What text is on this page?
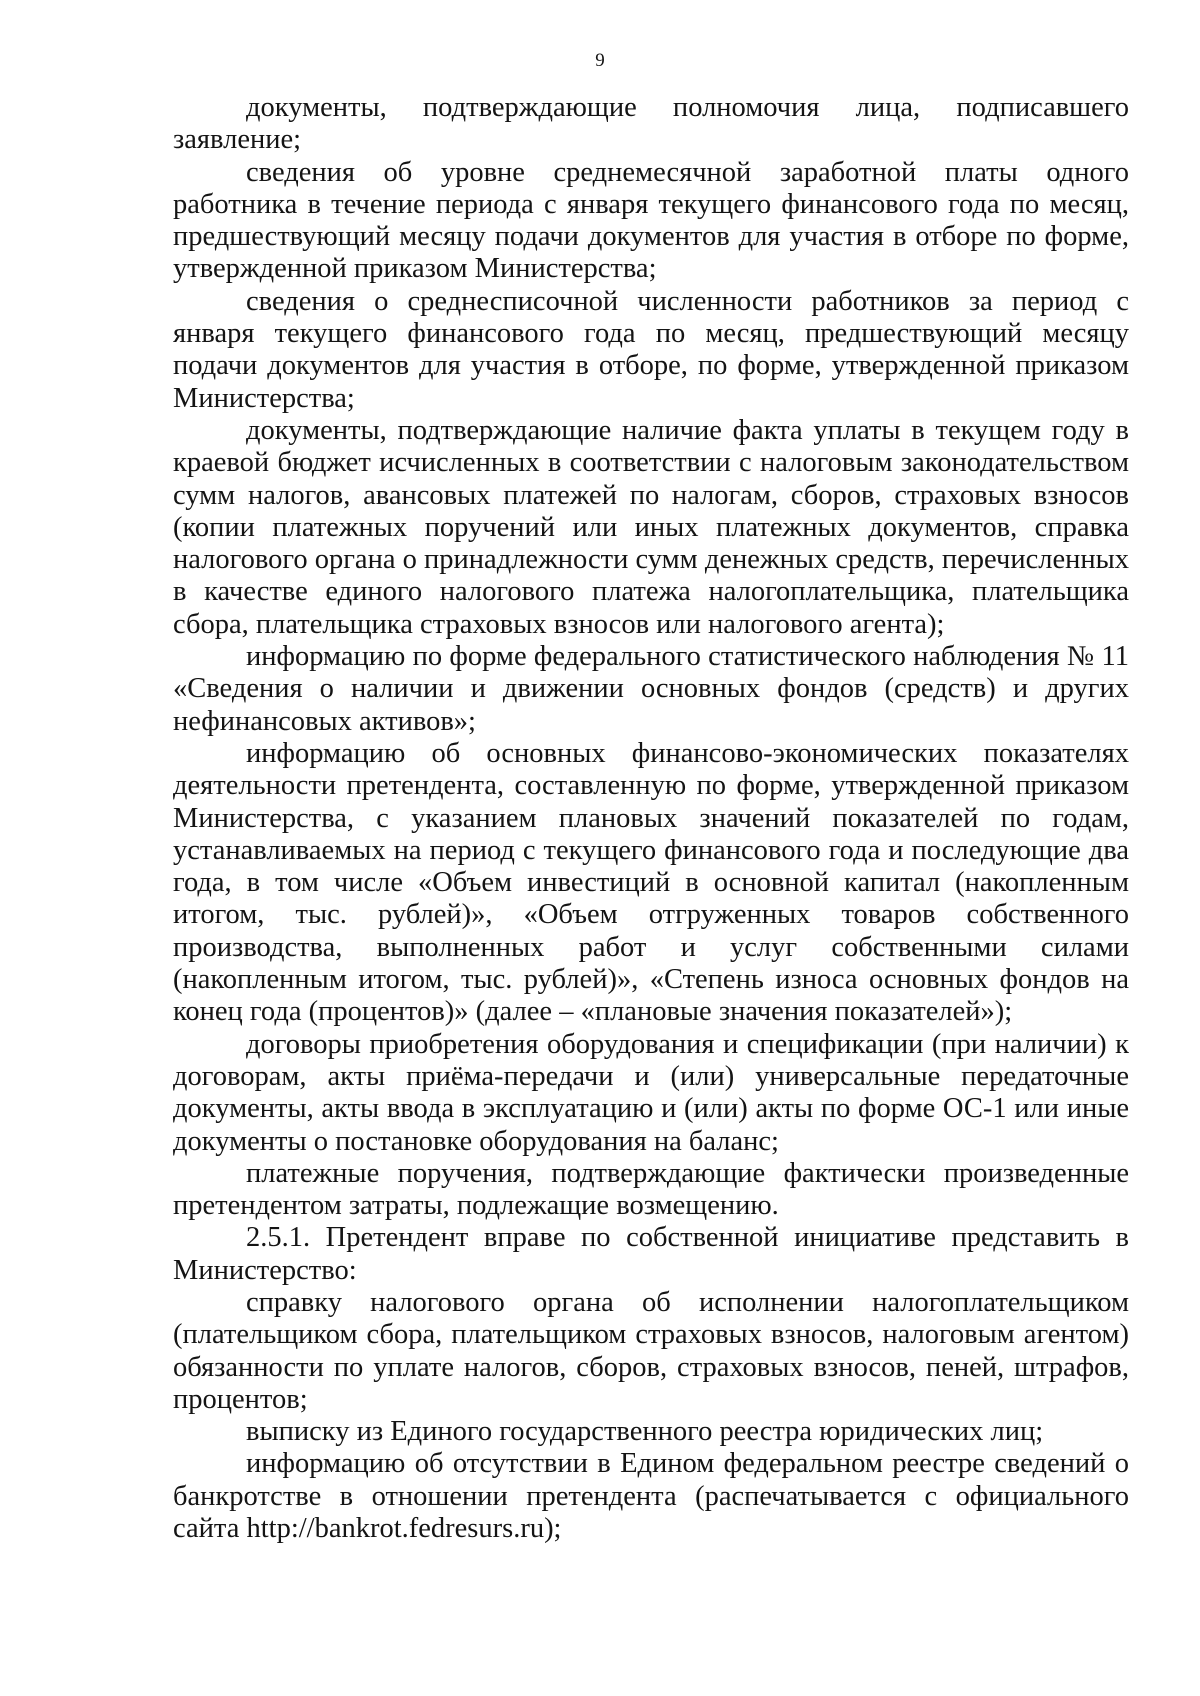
9

документы, подтверждающие полномочия лица, подписавшего заявление;

сведения об уровне среднемесячной заработной платы одного работника в течение периода с января текущего финансового года по месяц, предшествующий месяцу подачи документов для участия в отборе по форме, утвержденной приказом Министерства;

сведения о среднесписочной численности работников за период с января текущего финансового года по месяц, предшествующий месяцу подачи документов для участия в отборе, по форме, утвержденной приказом Министерства;

документы, подтверждающие наличие факта уплаты в текущем году в краевой бюджет исчисленных в соответствии с налоговым законодательством сумм налогов, авансовых платежей по налогам, сборов, страховых взносов (копии платежных поручений или иных платежных документов, справка налогового органа о принадлежности сумм денежных средств, перечисленных в качестве единого налогового платежа налогоплательщика, плательщика сбора, плательщика страховых взносов или налогового агента);

информацию по форме федерального статистического наблюдения № 11 «Сведения о наличии и движении основных фондов (средств) и других нефинансовых активов»;

информацию об основных финансово-экономических показателях деятельности претендента, составленную по форме, утвержденной приказом Министерства, с указанием плановых значений показателей по годам, устанавливаемых на период с текущего финансового года и последующие два года, в том числе «Объем инвестиций в основной капитал (накопленным итогом, тыс. рублей)», «Объем отгруженных товаров собственного производства, выполненных работ и услуг собственными силами (накопленным итогом, тыс. рублей)», «Степень износа основных фондов на конец года (процентов)» (далее – «плановые значения показателей»);

договоры приобретения оборудования и спецификации (при наличии) к договорам, акты приёма-передачи и (или) универсальные передаточные документы, акты ввода в эксплуатацию и (или) акты по форме ОС-1 или иные документы о постановке оборудования на баланс;

платежные поручения, подтверждающие фактически произведенные претендентом затраты, подлежащие возмещению.

2.5.1. Претендент вправе по собственной инициативе представить в Министерство:

справку налогового органа об исполнении налогоплательщиком (плательщиком сбора, плательщиком страховых взносов, налоговым агентом) обязанности по уплате налогов, сборов, страховых взносов, пеней, штрафов, процентов;

выписку из Единого государственного реестра юридических лиц;

информацию об отсутствии в Едином федеральном реестре сведений о банкротстве в отношении претендента (распечатывается с официального сайта http://bankrot.fedresurs.ru);
